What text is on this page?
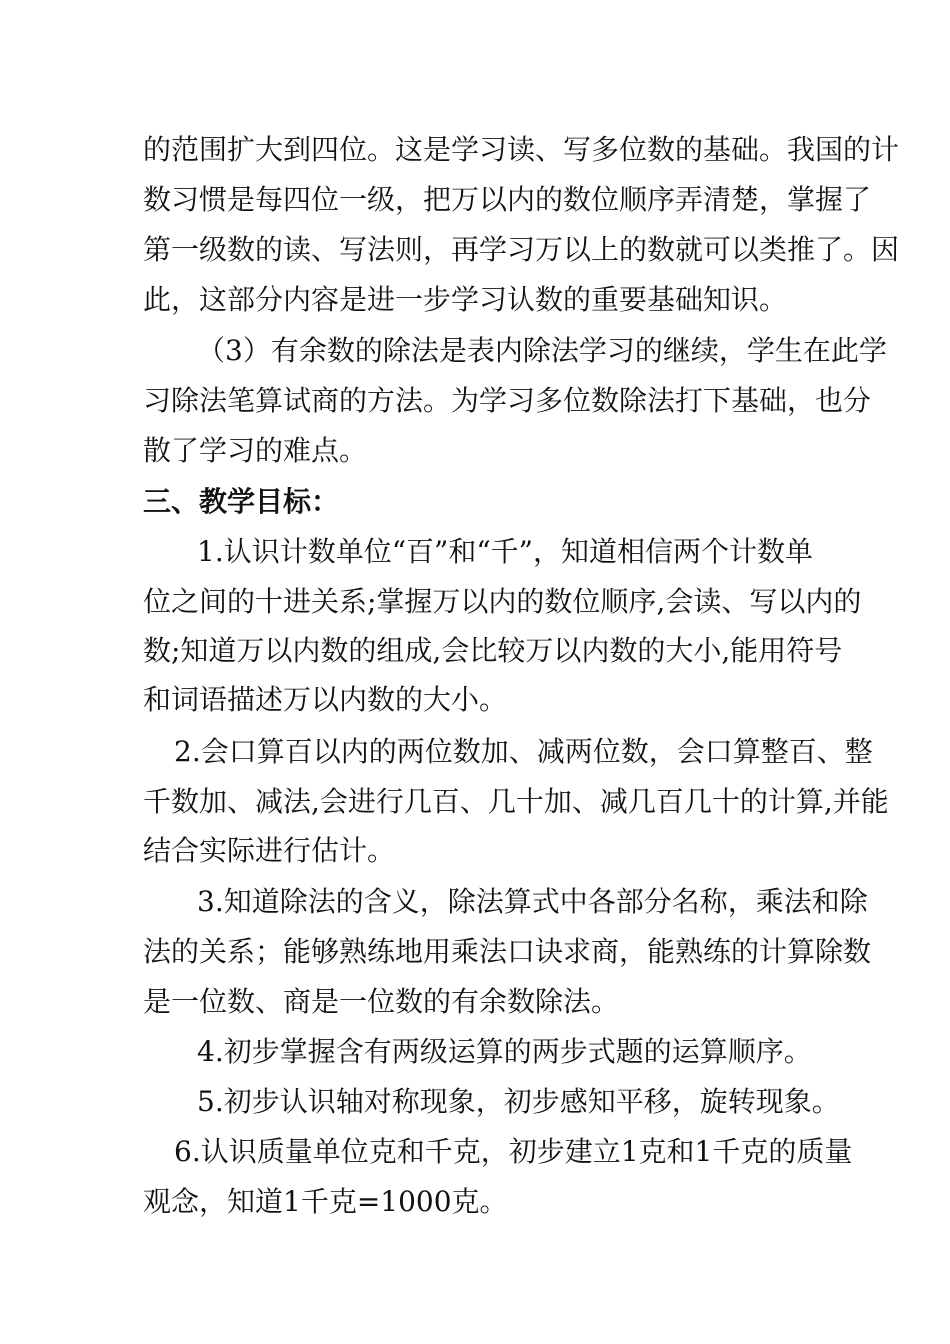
的范围扩大到四位。这是学习读、写多位数的基础。我国的计
数习惯是每四位一级，把万以内的数位顺序弄清楚，掌握了
第一级数的读、写法则，再学习万以上的数就可以类推了。因
此，这部分内容是进一步学习认数的重要基础知识。
（3）有余数的除法是表内除法学习的继续，学生在此学
习除法笔算试商的方法。为学习多位数除法打下基础，也分
散了学习的难点。
三、教学目标：
1.认识计数单位“百”和“千”，知道相信两个计数单
位之间的十进关系;掌握万以内的数位顺序,会读、写以内的
数;知道万以内数的组成,会比较万以内数的大小,能用符号
和词语描述万以内数的大小。
2.会口算百以内的两位数加、减两位数，会口算整百、整
千数加、减法,会进行几百、几十加、减几百几十的计算,并能
结合实际进行估计。
3.知道除法的含义，除法算式中各部分名称，乘法和除
法的关系；能够熟练地用乘法口诀求商，能熟练的计算除数
是一位数、商是一位数的有余数除法。
4.初步掌握含有两级运算的两步式题的运算顺序。
5.初步认识轴对称现象，初步感知平移，旋转现象。
6.认识质量单位克和千克，初步建立1克和1千克的质量
观念，知道1千克=1000克。
